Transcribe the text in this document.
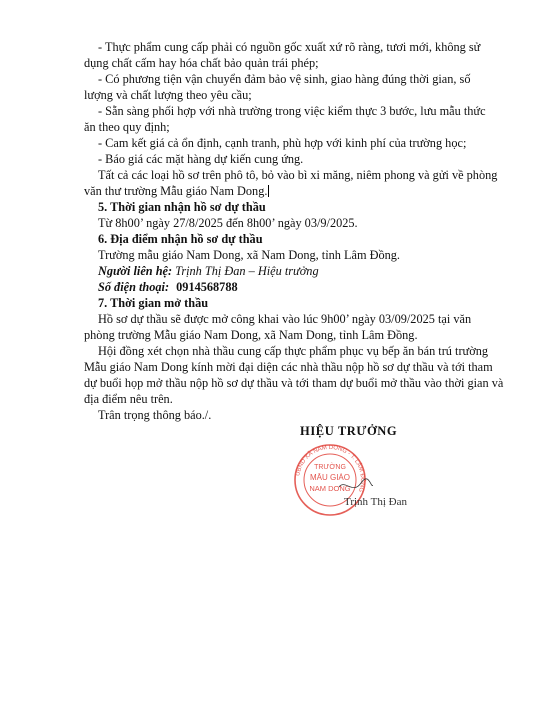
- Thực phẩm cung cấp phải có nguồn gốc xuất xứ rõ ràng, tươi mới, không sử
dụng chất cấm hay hóa chất bảo quản trái phép;
- Có phương tiện vận chuyển đảm bảo vệ sinh, giao hàng đúng thời gian, số
lượng và chất lượng theo yêu cầu;
- Sẵn sàng phối hợp với nhà trường trong việc kiểm thực 3 bước, lưu mẫu thức
ăn theo quy định;
- Cam kết giá cả ổn định, cạnh tranh, phù hợp với kinh phí của trường học;
- Báo giá các mặt hàng dự kiến cung ứng.
Tất cả các loại hồ sơ trên phô tô, bỏ vào bì xi măng, niêm phong và gửi về phòng
văn thư trường Mẫu giáo Nam Dong.
5. Thời gian nhận hồ sơ dự thầu
Từ 8h00’ ngày 27/8/2025 đến 8h00’ ngày 03/9/2025.
6. Địa điểm nhận hồ sơ dự thầu
Trường mẫu giáo Nam Dong, xã Nam Dong, tỉnh Lâm Đồng.
Người liên hệ: Trịnh Thị Đan – Hiệu trưởng
Số điện thoại: 0914568788
7. Thời gian mở thầu
Hồ sơ dự thầu sẽ được mở công khai vào lúc 9h00’ ngày 03/09/2025 tại văn
phòng trường Mẫu giáo Nam Dong, xã Nam Dong, tỉnh Lâm Đồng.
Hội đồng xét chọn nhà thầu cung cấp thực phẩm phục vụ bếp ăn bán trú trường
Mẫu giáo Nam Dong kính mời đại diện các nhà thầu nộp hồ sơ dự thầu và tới tham
dự buổi họp mở thầu nộp hồ sơ dự thầu và tới tham dự buổi mở thầu vào thời gian và
địa điểm nêu trên.
Trân trọng thông báo./.
HIỆU TRƯỞNG
UBND XÃ NAM DONG - T. LÂM ĐỒNG
TRƯỜNG
MẪU GIÁO
NAM DONG
Trịnh Thị Đan
